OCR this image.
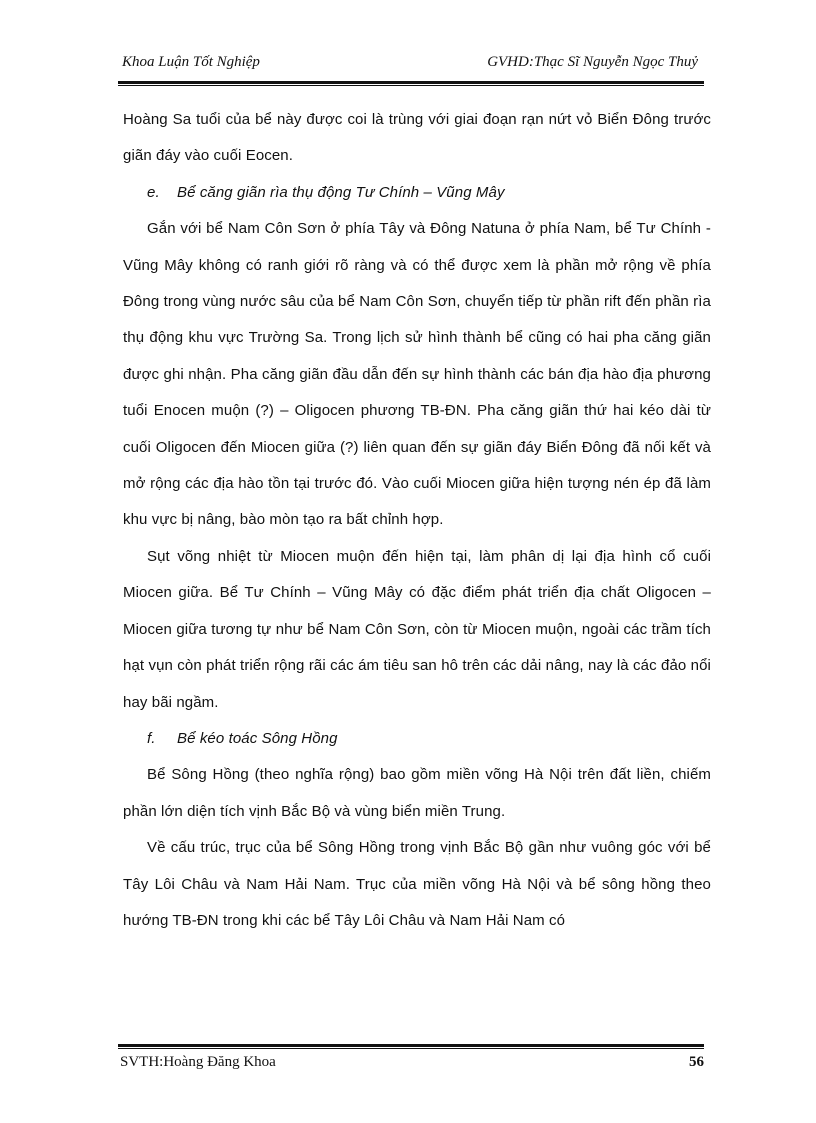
Khoa Luận Tốt Nghiệp	GVHD:Thạc Sĩ Nguyễn Ngọc Thuỷ

Hoàng Sa tuổi của bể này được coi là trùng với giai đoạn rạn nứt vỏ Biển Đông trước giãn đáy vào cuối Eocen.

e. Bể căng giãn rìa thụ động Tư Chính – Vũng Mây

Gắn với bể Nam Côn Sơn ở phía Tây và Đông Natuna ở phía Nam, bể Tư Chính - Vũng Mây không có ranh giới rõ ràng và có thể được xem là phần mở rộng về phía Đông trong vùng nước sâu của bể Nam Côn Sơn, chuyển tiếp từ phần rift đến phần rìa thụ động khu vực Trường Sa. Trong lịch sử hình thành bể cũng có hai pha căng giãn được ghi nhận. Pha căng giãn đầu dẫn đến sự hình thành các bán địa hào địa phương tuổi Enocen muộn (?) – Oligocen phương TB-ĐN. Pha căng giãn thứ hai kéo dài từ cuối Oligocen đến Miocen giữa (?) liên quan đến sự giãn đáy Biển Đông đã nối kết và mở rộng các địa hào tồn tại trước đó. Vào cuối Miocen giữa hiện tượng nén ép đã làm khu vực bị nâng, bào mòn tạo ra bất chỉnh hợp.

Sụt võng nhiệt từ Miocen muộn đến hiện tại, làm phân dị lại địa hình cổ cuối Miocen giữa. Bể Tư Chính – Vũng Mây có đặc điểm phát triển địa chất Oligocen – Miocen giữa tương tự như bể Nam Côn Sơn, còn từ Miocen muộn, ngoài các trầm tích hạt vụn còn phát triển rộng rãi các ám tiêu san hô trên các dải nâng, nay là các đảo nổi hay bãi ngầm.

f. Bể kéo toác Sông Hồng

Bể Sông Hồng (theo nghĩa rộng) bao gồm miền võng Hà Nội trên đất liền, chiếm phần lớn diện tích vịnh Bắc Bộ và vùng biển miền Trung.

Về cấu trúc, trục của bể Sông Hồng trong vịnh Bắc Bộ gần như vuông góc với bể Tây Lôi Châu và Nam Hải Nam. Trục của miền võng Hà Nội và bể sông hồng theo hướng TB-ĐN trong khi các bể Tây Lôi Châu và Nam Hải Nam có

SVTH:Hoàng Đăng Khoa	56
